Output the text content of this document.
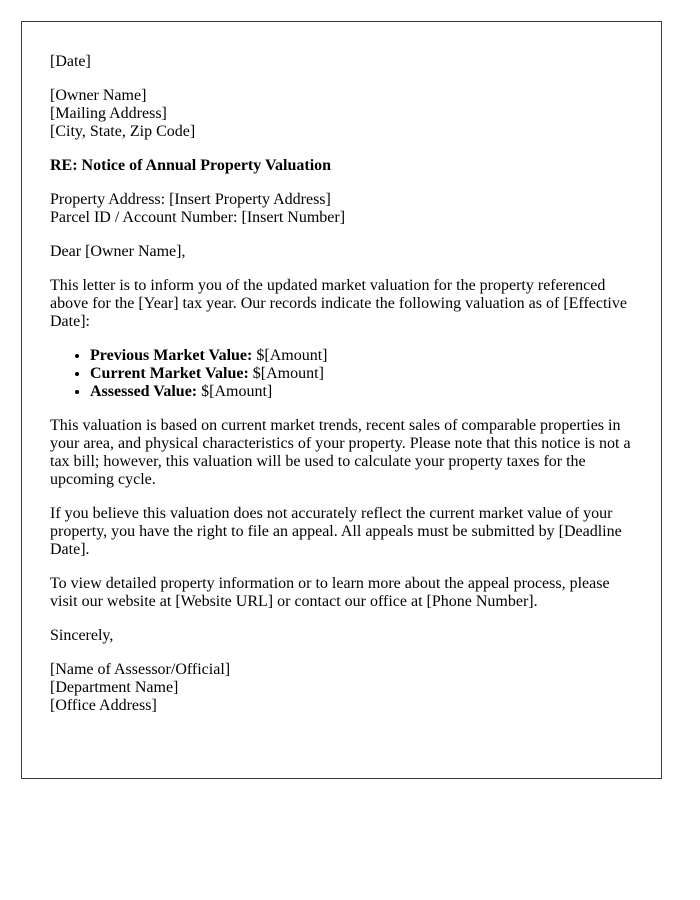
[Date]

[Owner Name]
[Mailing Address]
[City, State, Zip Code]

RE: Notice of Annual Property Valuation

Property Address: [Insert Property Address]
Parcel ID / Account Number: [Insert Number]

Dear [Owner Name],

This letter is to inform you of the updated market valuation for the property referenced above for the [Year] tax year. Our records indicate the following valuation as of [Effective Date]:

• Previous Market Value: $[Amount]
• Current Market Value: $[Amount]
• Assessed Value: $[Amount]

This valuation is based on current market trends, recent sales of comparable properties in your area, and physical characteristics of your property. Please note that this notice is not a tax bill; however, this valuation will be used to calculate your property taxes for the upcoming cycle.

If you believe this valuation does not accurately reflect the current market value of your property, you have the right to file an appeal. All appeals must be submitted by [Deadline Date].

To view detailed property information or to learn more about the appeal process, please visit our website at [Website URL] or contact our office at [Phone Number].

Sincerely,

[Name of Assessor/Official]
[Department Name]
[Office Address]
